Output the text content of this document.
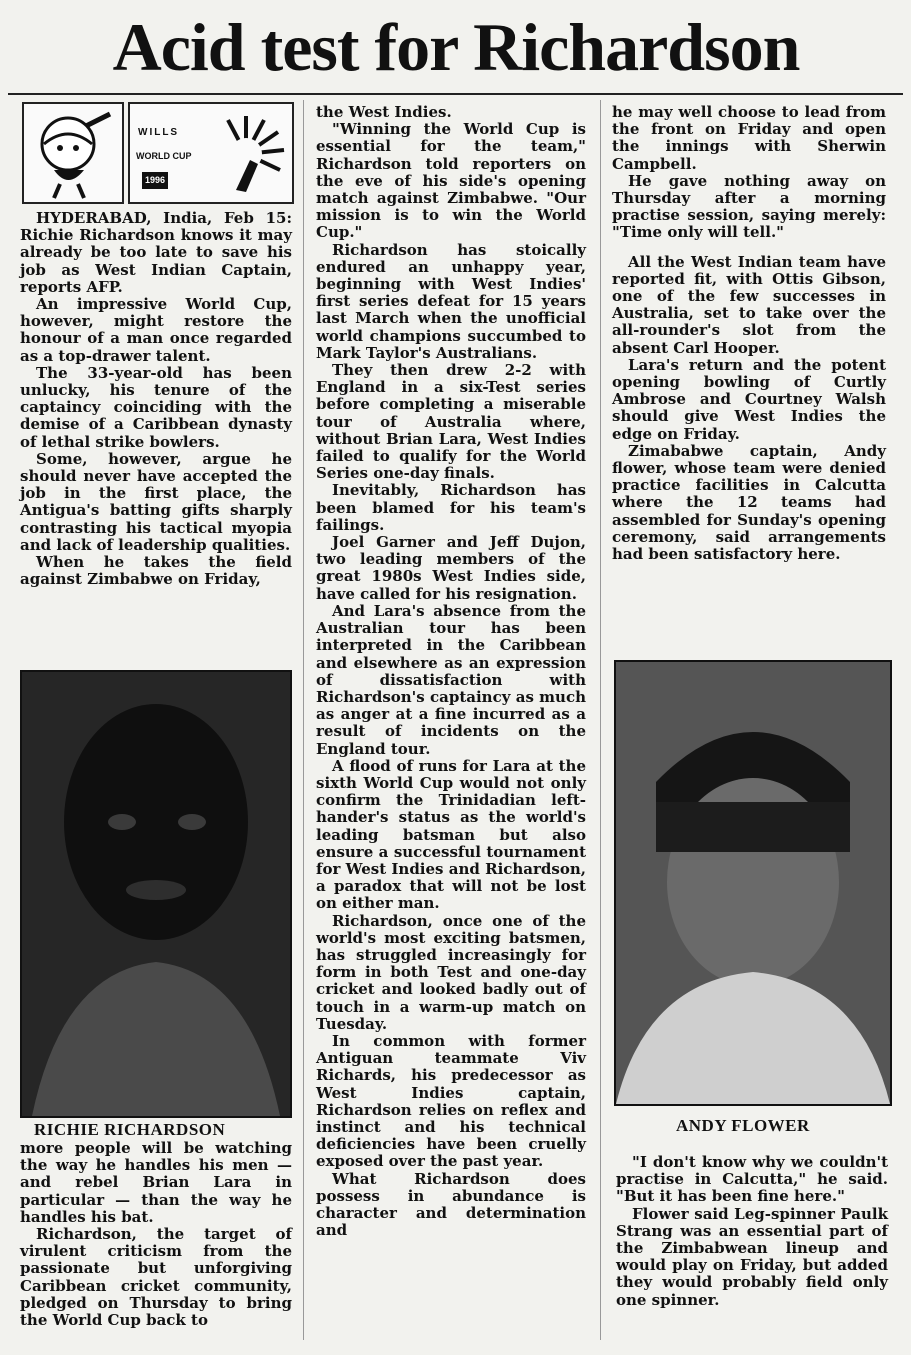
Acid test for Richardson
WILLS
WORLD CUP
1996

HYDERABAD, India, Feb 15: Richie Richardson knows it may already be too late to save his job as West Indian Captain, reports AFP.

An impressive World Cup, however, might restore the honour of a man once regarded as a top-drawer talent.

The 33-year-old has been unlucky, his tenure of the captaincy coinciding with the demise of a Caribbean dynasty of lethal strike bowlers.

Some, however, argue he should never have accepted the job in the first place, the Antigua's batting gifts sharply contrasting his tactical myopia and lack of leadership qualities.

When he takes the field against Zimbabwe on Friday,

RICHIE RICHARDSON

more people will be watching the way he handles his men — and rebel Brian Lara in particular — than the way he handles his bat.

Richardson, the target of virulent criticism from the passionate but unforgiving Caribbean cricket community, pledged on Thursday to bring the World Cup back to

the West Indies.

"Winning the World Cup is essential for the team," Richardson told reporters on the eve of his side's opening match against Zimbabwe. "Our mission is to win the World Cup."

Richardson has stoically endured an unhappy year, beginning with West Indies' first series defeat for 15 years last March when the unofficial world champions succumbed to Mark Taylor's Australians.

They then drew 2-2 with England in a six-Test series before completing a miserable tour of Australia where, without Brian Lara, West Indies failed to qualify for the World Series one-day finals.

Inevitably, Richardson has been blamed for his team's failings.

Joel Garner and Jeff Dujon, two leading members of the great 1980s West Indies side, have called for his resignation.

And Lara's absence from the Australian tour has been interpreted in the Caribbean and elsewhere as an expression of dissatisfaction with Richardson's captaincy as much as anger at a fine incurred as a result of incidents on the England tour.

A flood of runs for Lara at the sixth World Cup would not only confirm the Trinidadian left-hander's status as the world's leading batsman but also ensure a successful tournament for West Indies and Richardson, a paradox that will not be lost on either man.

Richardson, once one of the world's most exciting batsmen, has struggled increasingly for form in both Test and one-day cricket and looked badly out of touch in a warm-up match on Tuesday.

In common with former Antiguan teammate Viv Richards, his predecessor as West Indies captain, Richardson relies on reflex and instinct and his technical deficiencies have been cruelly exposed over the past year.

What Richardson does possess in abundance is character and determination and

he may well choose to lead from the front on Friday and open the innings with Sherwin Campbell.

He gave nothing away on Thursday after a morning practise session, saying merely: "Time only will tell."

All the West Indian team have reported fit, with Ottis Gibson, one of the few successes in Australia, set to take over the all-rounder's slot from the absent Carl Hooper.

Lara's return and the potent opening bowling of Curtly Ambrose and Courtney Walsh should give West Indies the edge on Friday.

Zimababwe captain, Andy flower, whose team were denied practice facilities in Calcutta where the 12 teams had assembled for Sunday's opening ceremony, said arrangements had been satisfactory here.

ANDY FLOWER

"I don't know why we couldn't practise in Calcutta," he said. "But it has been fine here."

Flower said Leg-spinner Paulk Strang was an essential part of the Zimbabwean lineup and would play on Friday, but added they would probably field only one spinner.
